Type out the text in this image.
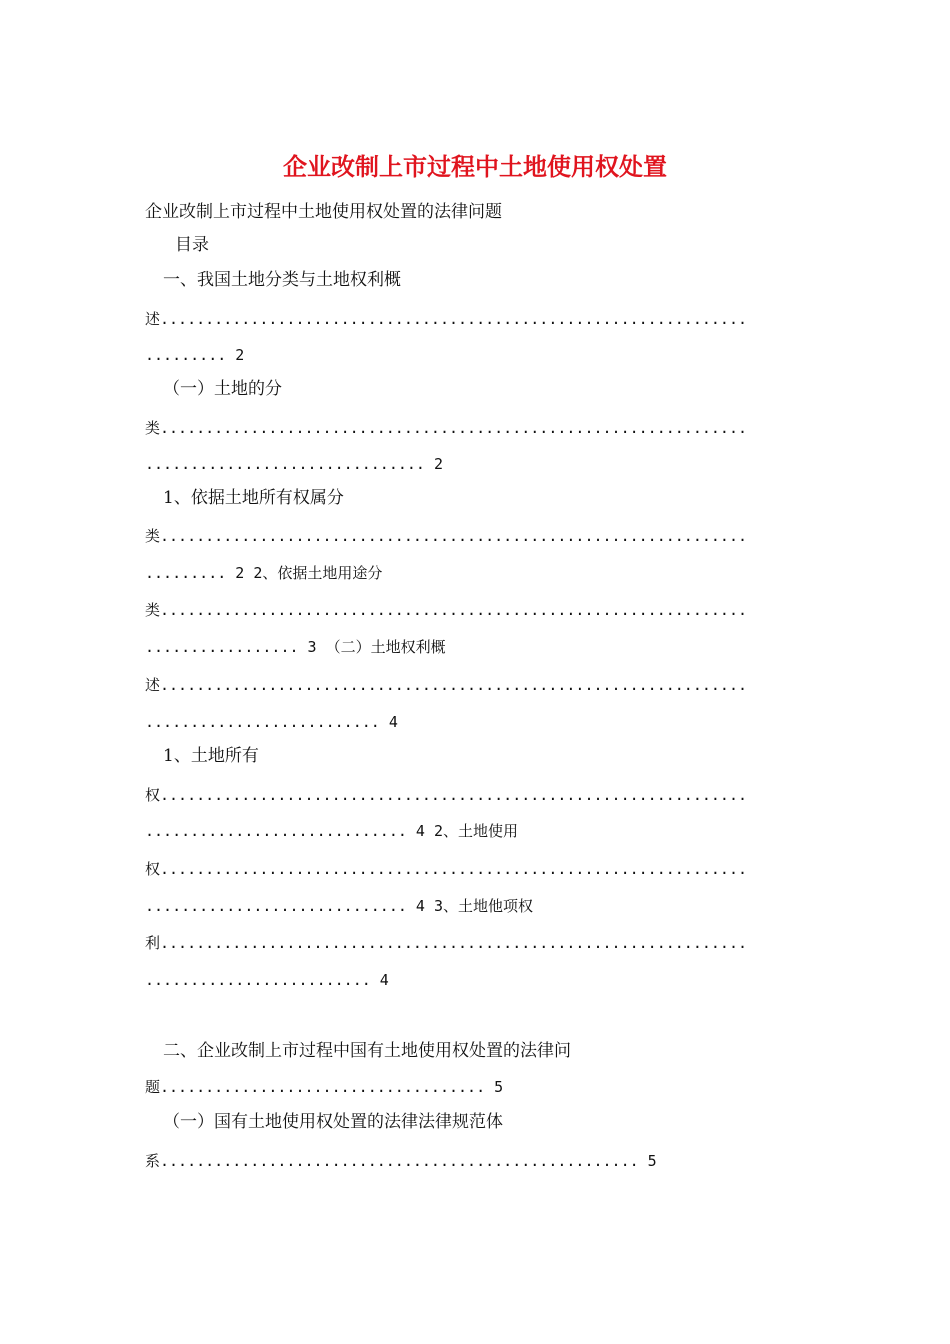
企业改制上市过程中土地使用权处置
企业改制上市过程中土地使用权处置的法律问题
目录
一、我国土地分类与土地权利概
述.................................................................
......... 2
（一）土地的分
类.................................................................
............................... 2
1、依据土地所有权属分
类.................................................................
......... 2 2、依据土地用途分
类.................................................................
................. 3 （二）土地权利概
述.................................................................
.......................... 4
1、土地所有
权.................................................................
............................. 4 2、土地使用
权.................................................................
............................. 4 3、土地他项权
利.................................................................
......................... 4
二、企业改制上市过程中国有土地使用权处置的法律问
题.................................... 5
（一）国有土地使用权处置的法律法律规范体
系..................................................... 5
